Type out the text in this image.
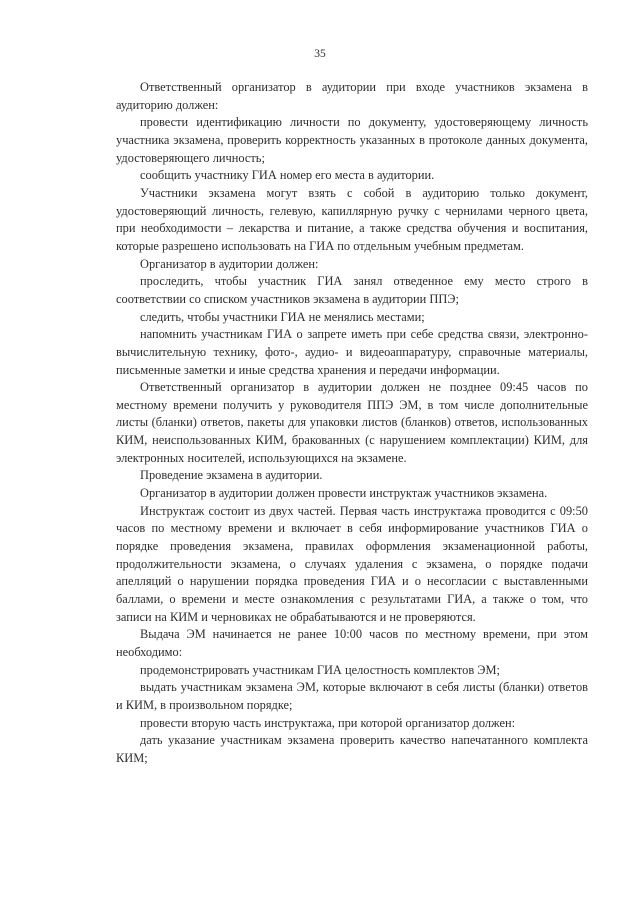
35

Ответственный организатор в аудитории при входе участников экзамена в аудиторию должен:

провести идентификацию личности по документу, удостоверяющему личность участника экзамена, проверить корректность указанных в протоколе данных документа, удостоверяющего личность;

сообщить участнику ГИА номер его места в аудитории.

Участники экзамена могут взять с собой в аудиторию только документ, удостоверяющий личность, гелевую, капиллярную ручку с чернилами черного цвета, при необходимости – лекарства и питание, а также средства обучения и воспитания, которые разрешено использовать на ГИА по отдельным учебным предметам.

Организатор в аудитории должен:

проследить, чтобы участник ГИА занял отведенное ему место строго в соответствии со списком участников экзамена в аудитории ППЭ;

следить, чтобы участники ГИА не менялись местами;

напомнить участникам ГИА о запрете иметь при себе средства связи, электронно-вычислительную технику, фото-, аудио- и видеоаппаратуру, справочные материалы, письменные заметки и иные средства хранения и передачи информации.

Ответственный организатор в аудитории должен не позднее 09:45 часов по местному времени получить у руководителя ППЭ ЭМ, в том числе дополнительные листы (бланки) ответов, пакеты для упаковки листов (бланков) ответов, использованных КИМ, неиспользованных КИМ, бракованных (с нарушением комплектации) КИМ, для электронных носителей, использующихся на экзамене.

Проведение экзамена в аудитории.

Организатор в аудитории должен провести инструктаж участников экзамена.

Инструктаж состоит из двух частей. Первая часть инструктажа проводится с 09:50 часов по местному времени и включает в себя информирование участников ГИА о порядке проведения экзамена, правилах оформления экзаменационной работы, продолжительности экзамена, о случаях удаления с экзамена, о порядке подачи апелляций о нарушении порядка проведения ГИА и о несогласии с выставленными баллами, о времени и месте ознакомления с результатами ГИА, а также о том, что записи на КИМ и черновиках не обрабатываются и не проверяются.

Выдача ЭМ начинается не ранее 10:00 часов по местному времени, при этом необходимо:

продемонстрировать участникам ГИА целостность комплектов ЭМ;

выдать участникам экзамена ЭМ, которые включают в себя листы (бланки) ответов и КИМ, в произвольном порядке;

провести вторую часть инструктажа, при которой организатор должен:

дать указание участникам экзамена проверить качество напечатанного комплекта КИМ;
